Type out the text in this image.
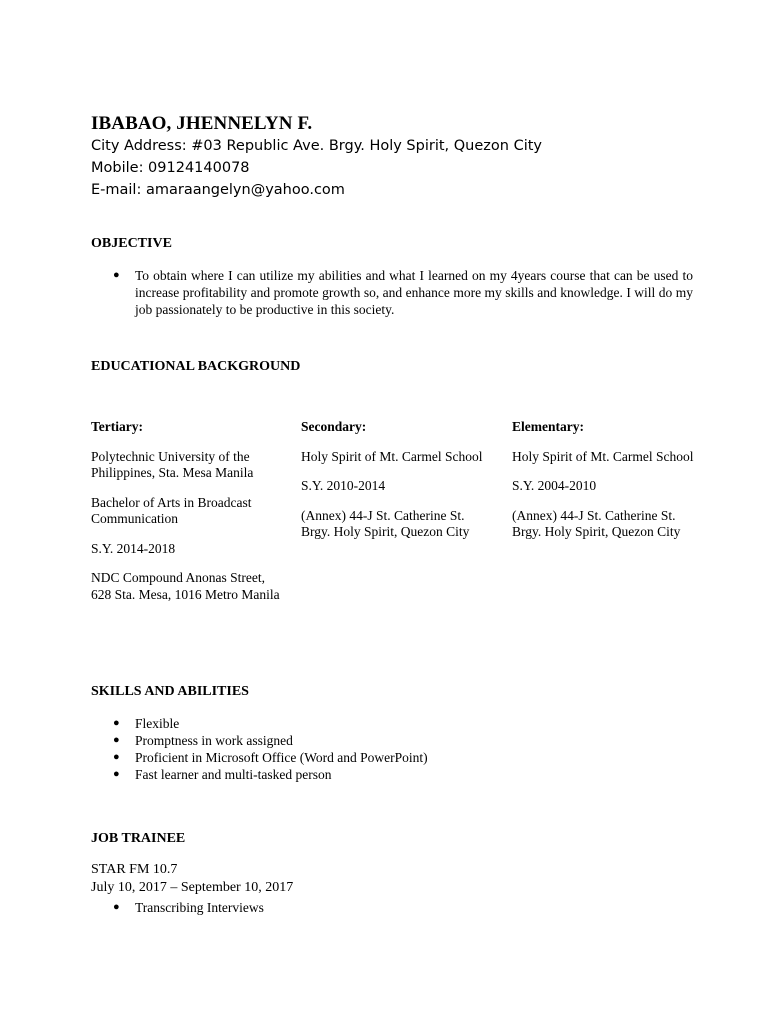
IBABAO, JHENNELYN F.
City Address: #03 Republic Ave. Brgy. Holy Spirit, Quezon City
Mobile: 09124140078
E-mail: amaraangelyn@yahoo.com
OBJECTIVE
●	To obtain where I can utilize my abilities and what I learned on my 4years course that can be used to increase profitability and promote growth so, and enhance more my skills and knowledge. I will do my job passionately to be productive in this society.
EDUCATIONAL BACKGROUND
Tertiary:

Polytechnic University of the Philippines, Sta. Mesa Manila

Bachelor of Arts in Broadcast Communication

S.Y. 2014-2018

NDC Compound Anonas Street, 628 Sta. Mesa, 1016 Metro Manila

Secondary:

Holy Spirit of Mt. Carmel School

S.Y. 2010-2014

(Annex) 44-J St. Catherine St. Brgy. Holy Spirit, Quezon City

Elementary:

Holy Spirit of Mt. Carmel School

S.Y. 2004-2010

(Annex) 44-J St. Catherine St. Brgy. Holy Spirit, Quezon City

SKILLS AND ABILITIES
●	Flexible
●	Promptness in work assigned
●	Proficient in Microsoft Office (Word and PowerPoint)
●	Fast learner and multi-tasked person
JOB TRAINEE
STAR FM 10.7
July 10, 2017 – September 10, 2017
●	Transcribing Interviews
